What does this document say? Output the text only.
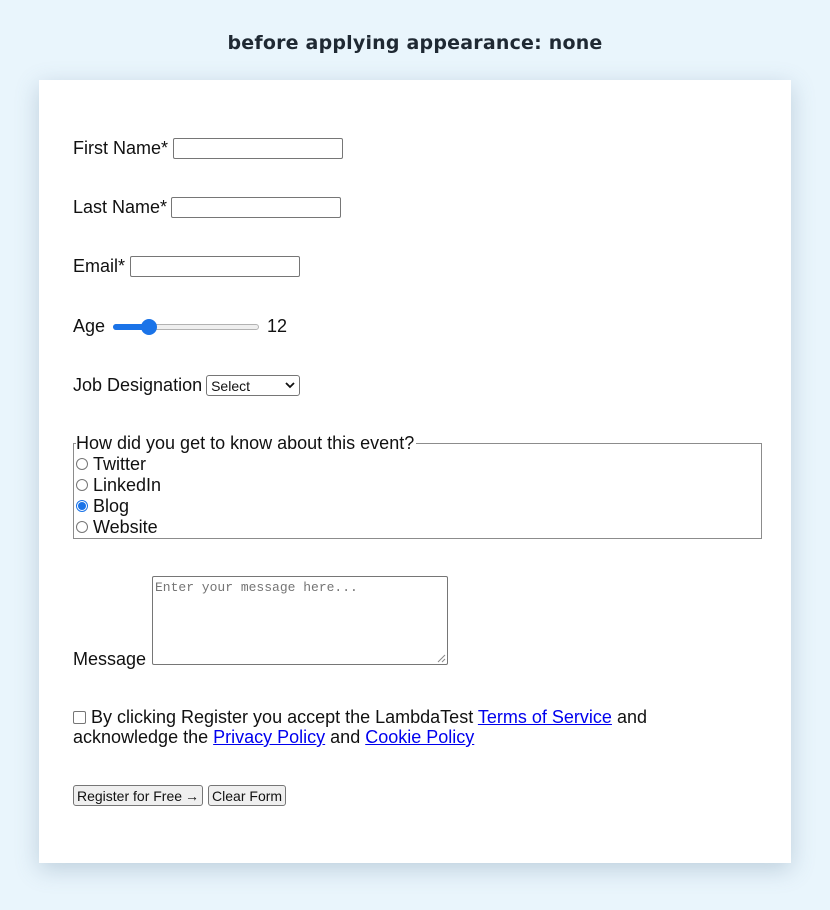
before applying appearance: none
First Name*
Last Name*
Email*
Age	12
Job Designation Select
How did you get to know about this event?
Twitter
LinkedIn
Blog
Website
Message
Enter your message here...
By clicking Register you accept the LambdaTest Terms of Service and
acknowledge the Privacy Policy and Cookie Policy
Register for Free → Clear Form
